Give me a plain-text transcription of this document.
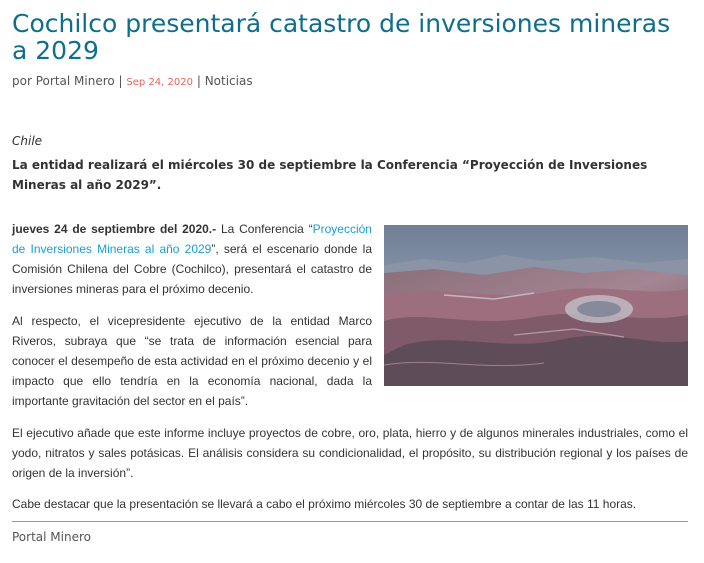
Cochilco presentará catastro de inversiones mineras a 2029
por Portal Minero | Sep 24, 2020 | Noticias
Chile
La entidad realizará el miércoles 30 de septiembre la Conferencia “Proyección de Inversiones Mineras al año 2029”.

jueves 24 de septiembre del 2020.- La Conferencia “Proyección de Inversiones Mineras al año 2029”, será el escenario donde la Comisión Chilena del Cobre (Cochilco), presentará el catastro de inversiones mineras para el próximo decenio.

Al respecto, el vicepresidente ejecutivo de la entidad Marco Riveros, subraya que “se trata de información esencial para conocer el desempeño de esta actividad en el próximo decenio y el impacto que ello tendría en la economía nacional, dada la importante gravitación del sector en el país”.

El ejecutivo añade que este informe incluye proyectos de cobre, oro, plata, hierro y de algunos minerales industriales, como el yodo, nitratos y sales potásicas. El análisis considera su condicionalidad, el propósito, su distribución regional y los países de origen de la inversión”.

Cabe destacar que la presentación se llevará a cabo el próximo miércoles 30 de septiembre a contar de las 11 horas.

Portal Minero
